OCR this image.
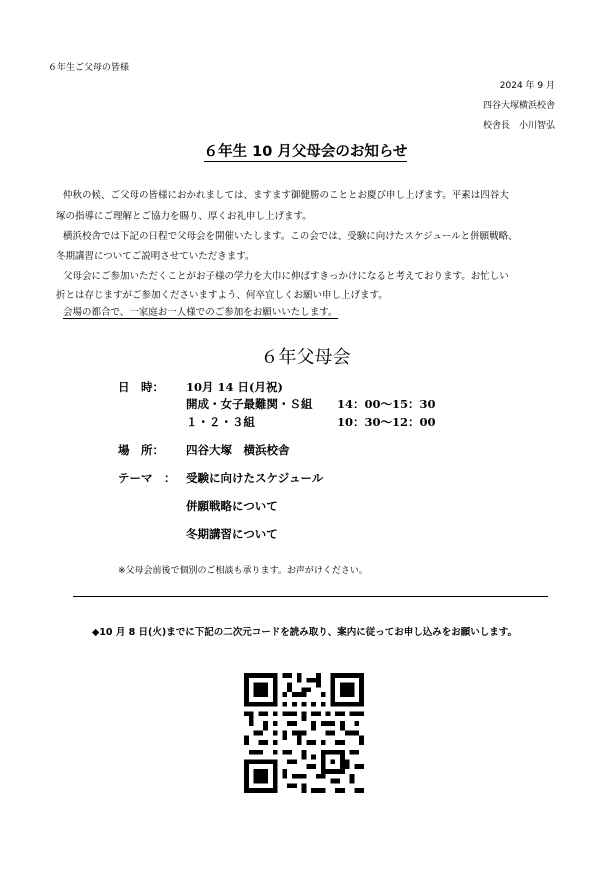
６年生ご父母の皆様
2024 年 9 月
四谷大塚横浜校舎
校舎長　小川智弘
６年生 10 月父母会のお知らせ
仲秋の候、ご父母の皆様におかれましては、ますます御健勝のこととお慶び申し上げます。平素は四谷大
塚の指導にご理解とご協力を賜り、厚くお礼申し上げます。
横浜校舎では下記の日程で父母会を開催いたします。この会では、受験に向けたスケジュールと併願戦略、
冬期講習についてご説明させていただきます。
父母会にご参加いただくことがお子様の学力を大巾に伸ばすきっかけになると考えております。お忙しい
折とは存じますがご参加くださいますよう、何卒宜しくお願い申し上げます。
会場の都合で、一家庭お一人様でのご参加をお願いいたします。
６年父母会
日　時： 10月 14 日(月祝)
開成・女子最難関・Ｓ組 14：00～15：30
１・２・３組	10：30～12：00
場　所： 四谷大塚　横浜校舎
テーマ　： 受験に向けたスケジュール
併願戦略について
冬期講習について
※父母会前後で個別のご相談も承ります。お声がけください。
◆10 月 8 日(火)までに下記の二次元コードを読み取り、案内に従ってお申し込みをお願いします。
